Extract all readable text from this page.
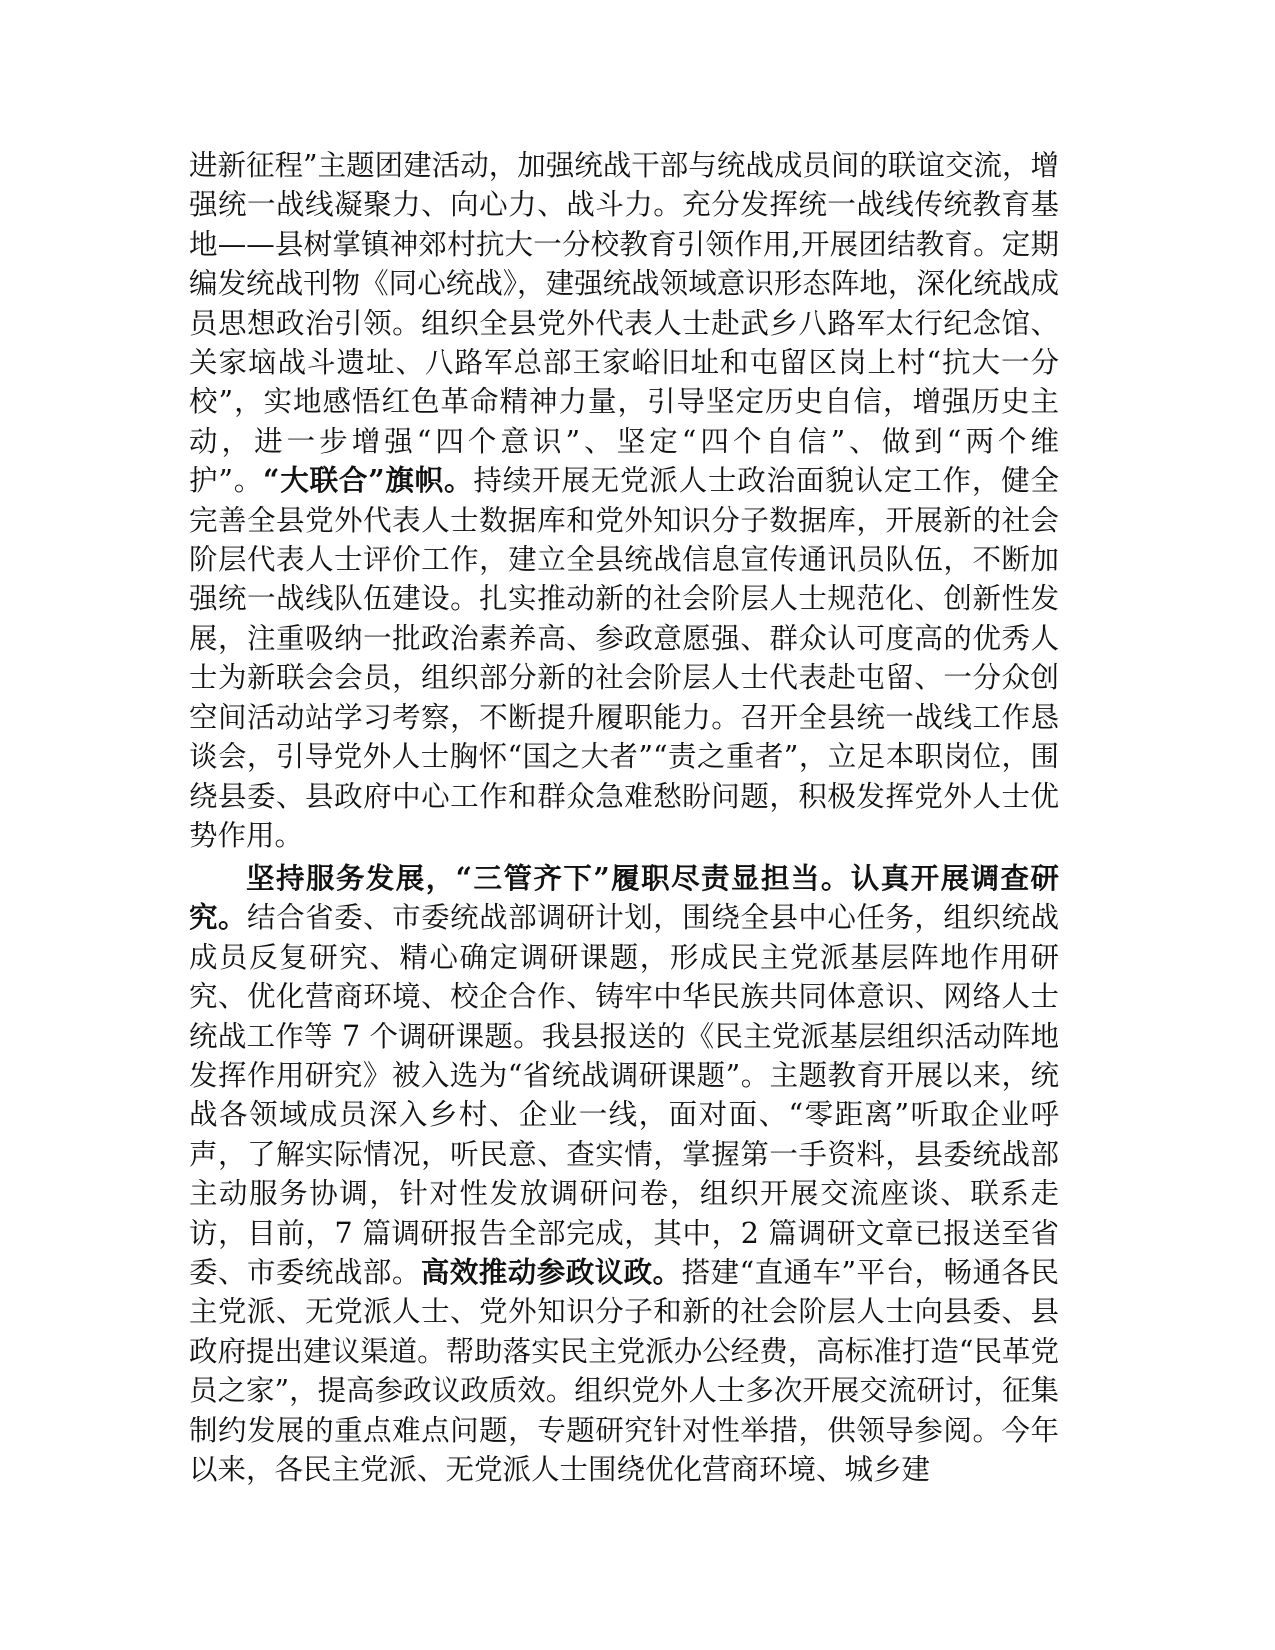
进新征程”主题团建活动，加强统战干部与统战成员间的联谊交流，增强统一战线凝聚力、向心力、战斗力。充分发挥统一战线传统教育基地——县树掌镇神郊村抗大一分校教育引领作用,开展团结教育。定期编发统战刊物《同心统战》，建强统战领域意识形态阵地，深化统战成员思想政治引领。组织全县党外代表人士赴武乡八路军太行纪念馆、关家垴战斗遗址、八路军总部王家峪旧址和屯留区岗上村“抗大一分校”，实地感悟红色革命精神力量，引导坚定历史自信，增强历史主动，进一步增强“四个意识”、坚定“四个自信”、做到“两个维护”。“大联合”旗帜。持续开展无党派人士政治面貌认定工作，健全完善全县党外代表人士数据库和党外知识分子数据库，开展新的社会阶层代表人士评价工作，建立全县统战信息宣传通讯员队伍，不断加强统一战线队伍建设。扎实推动新的社会阶层人士规范化、创新性发展，注重吸纳一批政治素养高、参政意愿强、群众认可度高的优秀人士为新联会会员，组织部分新的社会阶层人士代表赴屯留、一分众创空间活动站学习考察，不断提升履职能力。召开全县统一战线工作恳谈会，引导党外人士胸怀“国之大者”“责之重者”，立足本职岗位，围绕县委、县政府中心工作和群众急难愁盼问题，积极发挥党外人士优势作用。
坚持服务发展，“三管齐下”履职尽责显担当。认真开展调查研究。结合省委、市委统战部调研计划，围绕全县中心任务，组织统战成员反复研究、精心确定调研课题，形成民主党派基层阵地作用研究、优化营商环境、校企合作、铸牢中华民族共同体意识、网络人士统战工作等 7 个调研课题。我县报送的《民主党派基层组织活动阵地发挥作用研究》被入选为“省统战调研课题”。主题教育开展以来，统战各领域成员深入乡村、企业一线，面对面、“零距离”听取企业呼声，了解实际情况，听民意、查实情，掌握第一手资料，县委统战部主动服务协调，针对性发放调研问卷，组织开展交流座谈、联系走访，目前，7 篇调研报告全部完成，其中，2 篇调研文章已报送至省委、市委统战部。高效推动参政议政。搭建“直通车”平台，畅通各民主党派、无党派人士、党外知识分子和新的社会阶层人士向县委、县政府提出建议渠道。帮助落实民主党派办公经费，高标准打造“民革党员之家”，提高参政议政质效。组织党外人士多次开展交流研讨，征集制约发展的重点难点问题，专题研究针对性举措，供领导参阅。今年以来，各民主党派、无党派人士围绕优化营商环境、城乡建
